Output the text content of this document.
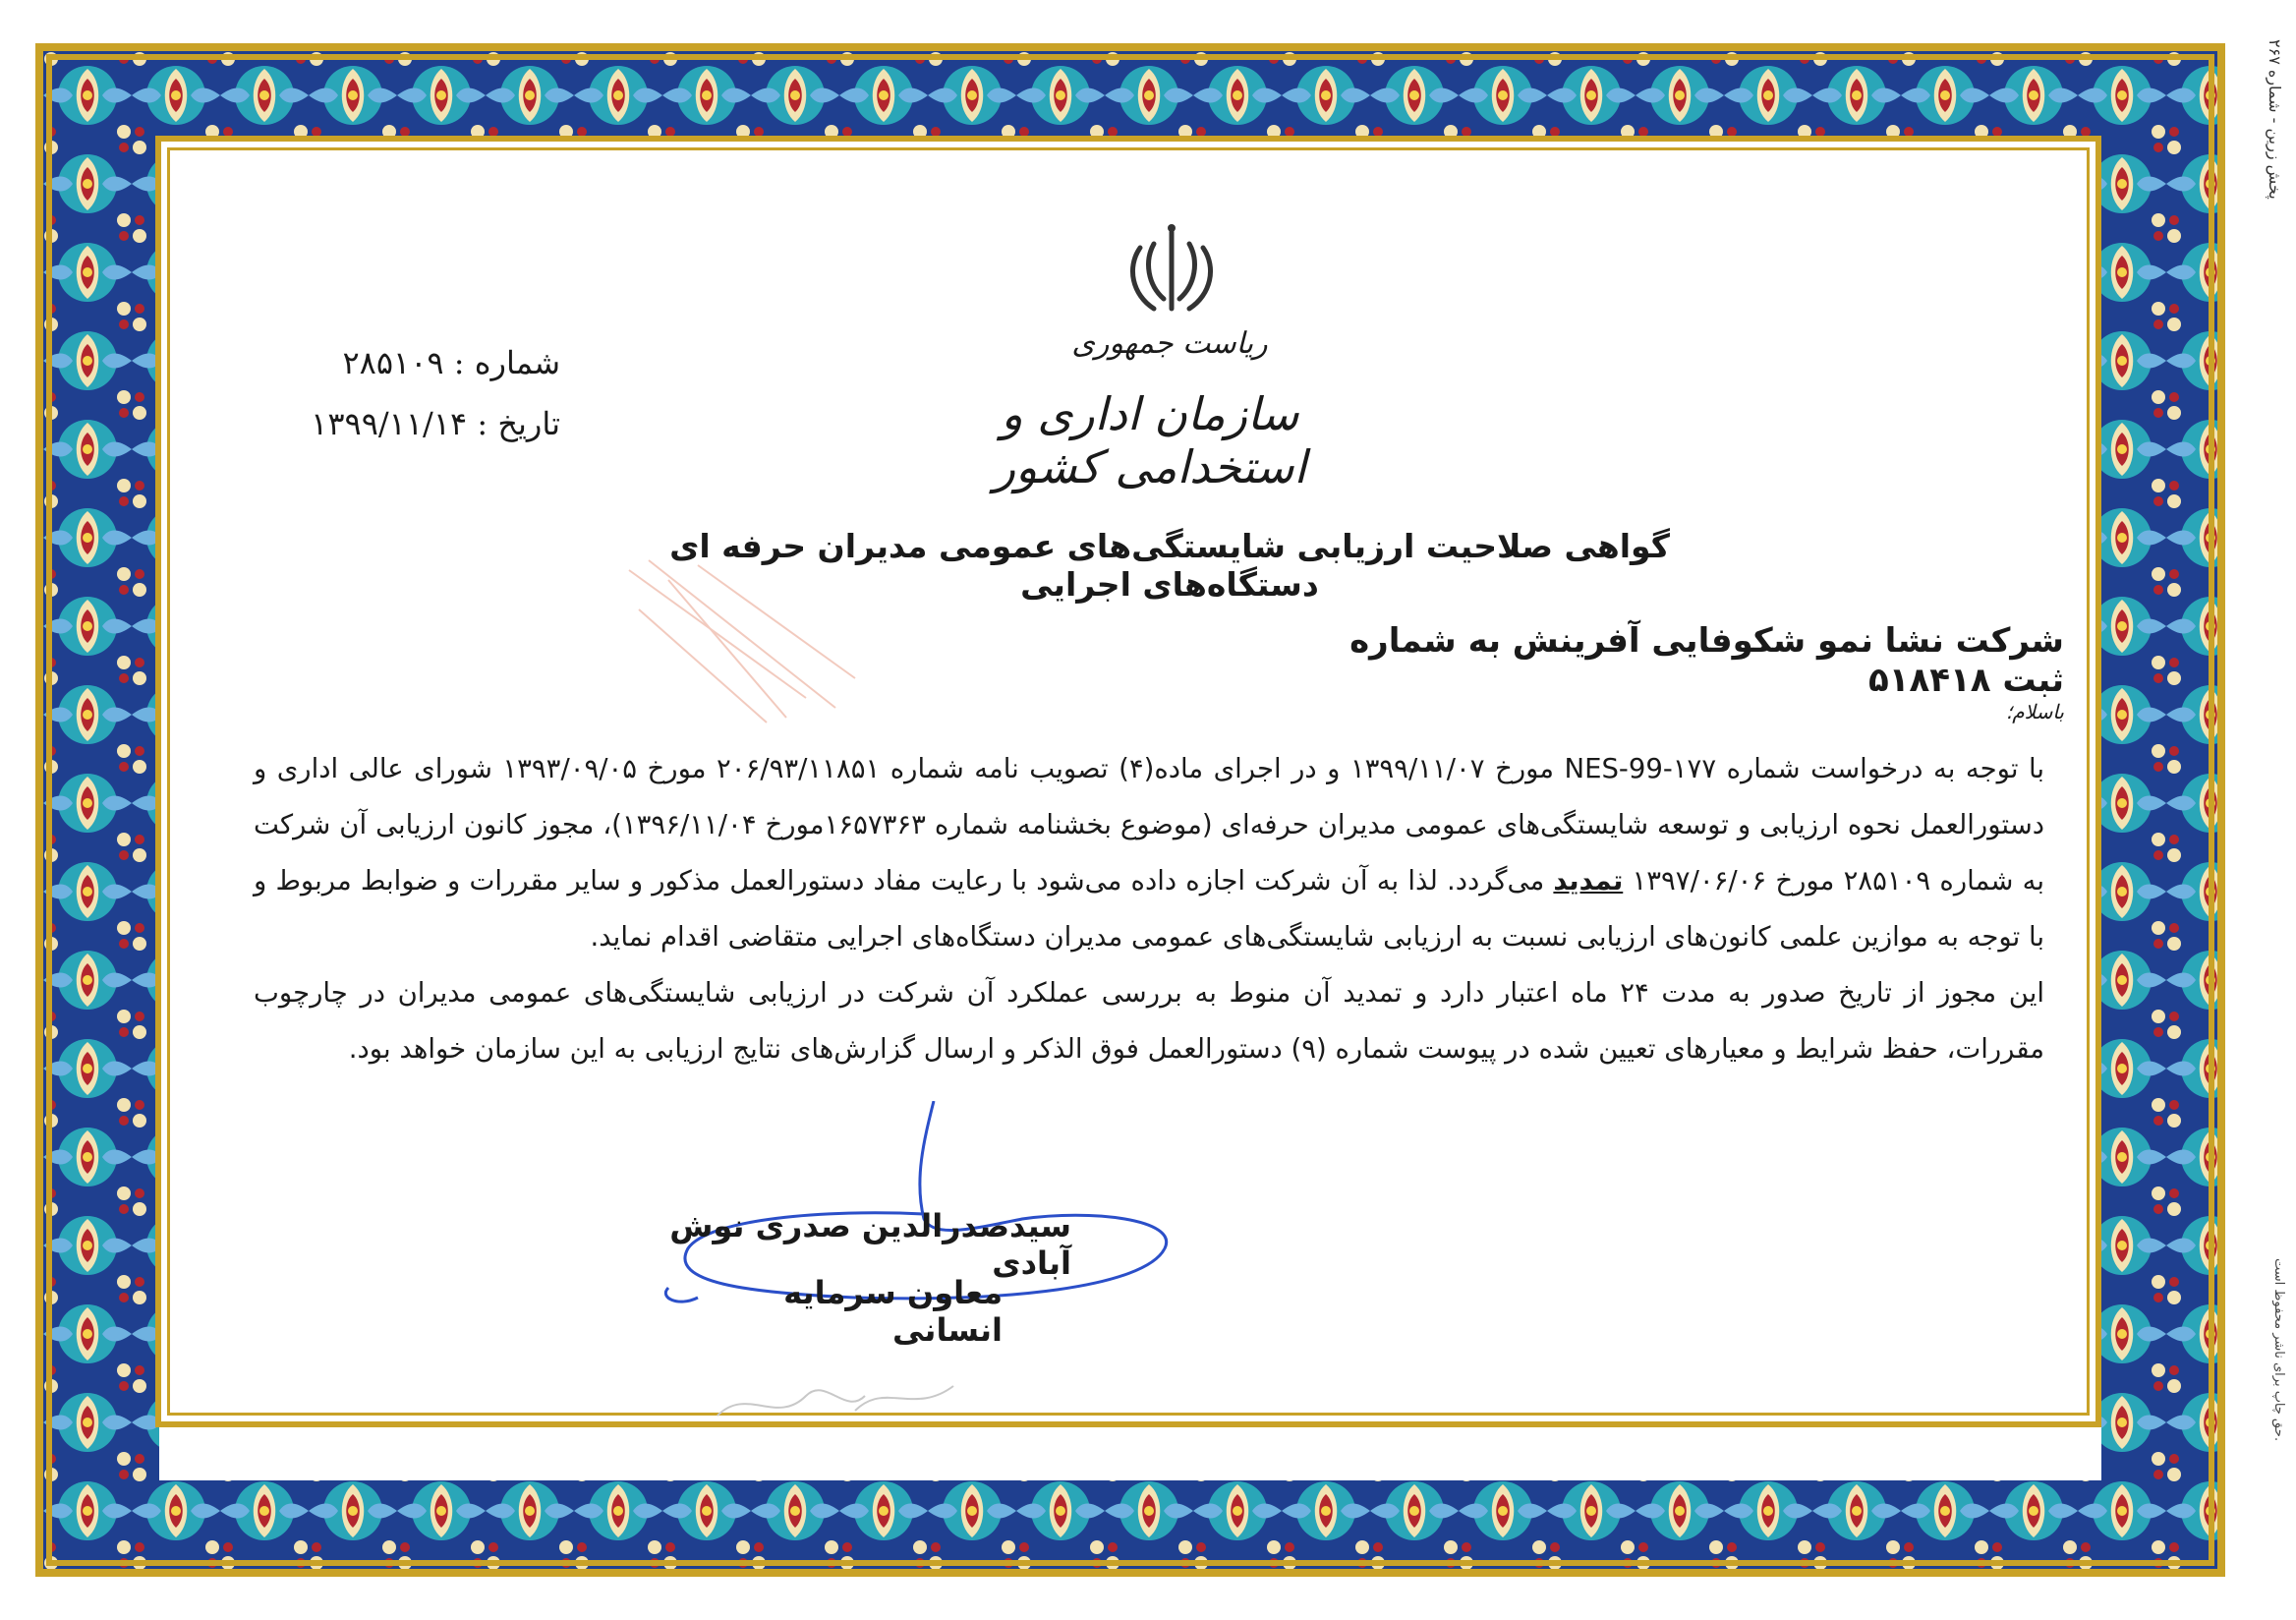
پخش زرین - شماره ۲۶۷
حق چاپ برای ناشر محفوظ است.
ریاست جمهوری
سازمان اداری و استخدامی کشور
شماره : ۲۸۵۱۰۹
تاریخ : ۱۳۹۹/۱۱/۱۴
گواهی صلاحیت ارزیابی شایستگی‌های عمومی مدیران حرفه ای دستگاه‌های اجرایی
شرکت نشا نمو شکوفایی آفرینش به شماره ثبت ۵۱۸۴۱۸
باسلام؛

با توجه به درخواست شماره NES-99-۱۷۷ مورخ ۱۳۹۹/۱۱/۰۷ و در اجرای ماده(۴) تصویب نامه شماره ۲۰۶/۹۳/۱۱۸۵۱ مورخ ۱۳۹۳/۰۹/۰۵ شورای عالی اداری و دستورالعمل نحوه ارزیابی و توسعه شایستگی‌های عمومی مدیران حرفه‌ای (موضوع بخشنامه شماره ۱۶۵۷۳۶۳مورخ ۱۳۹۶/۱۱/۰۴)، مجوز کانون ارزیابی آن شرکت به شماره ۲۸۵۱۰۹ مورخ ۱۳۹۷/۰۶/۰۶ تمدید می‌گردد. لذا به آن شرکت اجازه داده می‌شود با رعایت مفاد دستورالعمل مذکور و سایر مقررات و ضوابط مربوط و با توجه به موازین علمی کانون‌های ارزیابی نسبت به ارزیابی شایستگی‌های عمومی مدیران دستگاه‌های اجرایی متقاضی اقدام نماید.

این مجوز از تاریخ صدور به مدت ۲۴ ماه اعتبار دارد و تمدید آن منوط به بررسی عملکرد آن شرکت در ارزیابی شایستگی‌های عمومی مدیران در چارچوب مقررات، حفظ شرایط و معیارهای تعیین شده در پیوست شماره (۹) دستورالعمل فوق الذکر و ارسال گزارش‌های نتایج ارزیابی به این سازمان خواهد بود.

سیدصدرالدین صدری نوش آبادی
معاون سرمایه انسانی
